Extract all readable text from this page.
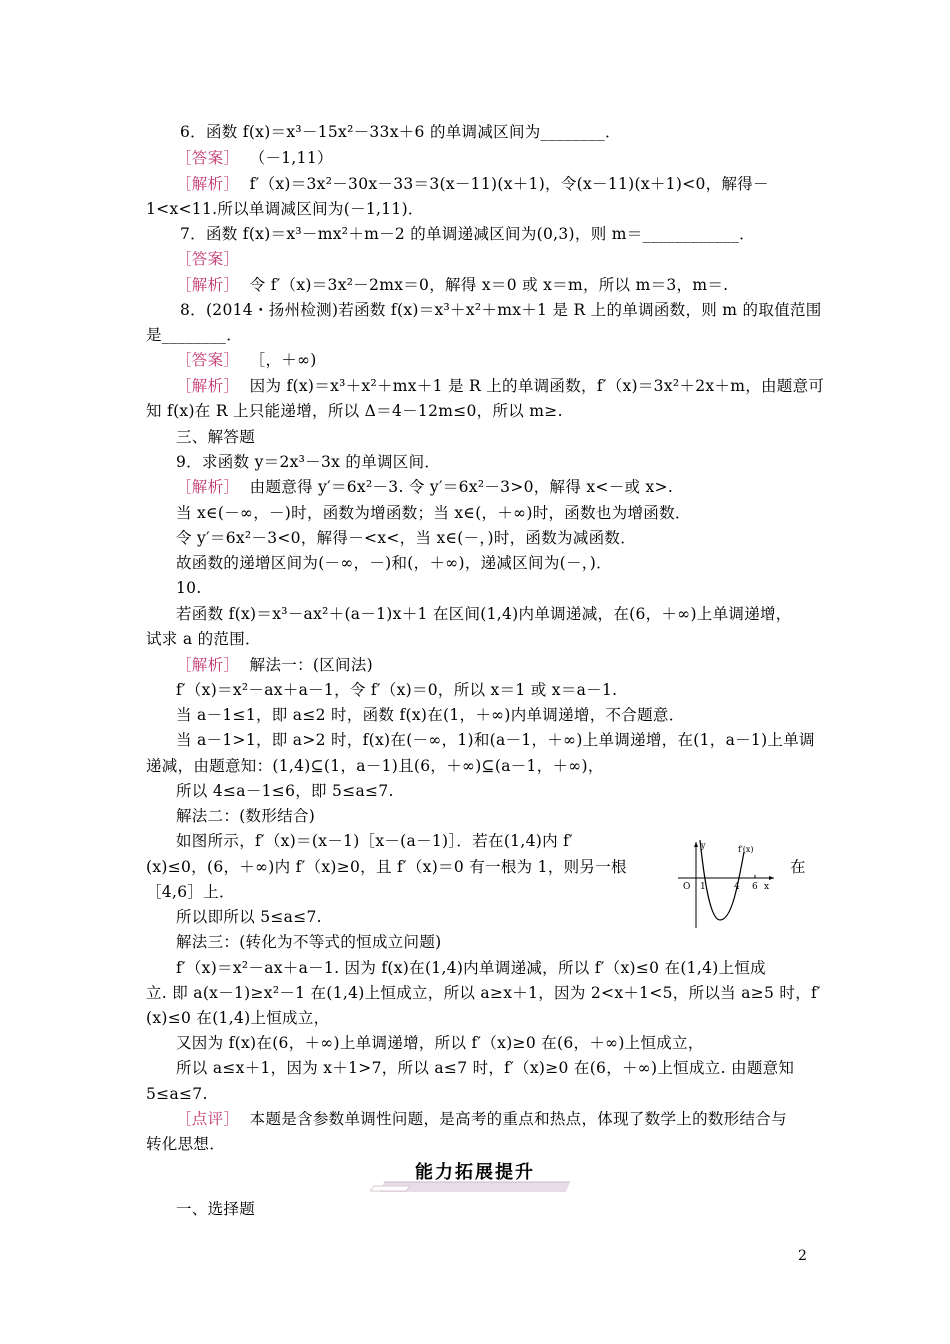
6．函数 f(x)＝x³－15x²－33x＋6 的单调减区间为________．
［答案］ （－1,11）
［解析］ f′（x)＝3x²－30x－33＝3(x－11)(x＋1)，令(x－11)(x＋1)<0，解得－
1<x<11.所以单调减区间为(－1,11)．
7．函数 f(x)＝x³－mx²＋m－2 的单调递减区间为(0,3)，则 m＝____________．
［答案］
［解析］ 令 f′（x)＝3x²－2mx＝0，解得 x＝0 或 x＝m，所以 m＝3，m＝.
8．(2014・扬州检测)若函数 f(x)＝x³＋x²＋mx＋1 是 R 上的单调函数，则 m 的取值范围
是________．
［答案］ ［，＋∞)
［解析］ 因为 f(x)＝x³＋x²＋mx＋1 是 R 上的单调函数，f′（x)＝3x²＋2x＋m，由题意可
知 f(x)在 R 上只能递增，所以 Δ＝4－12m≤0，所以 m≥.
三、解答题
9．求函数 y＝2x³－3x 的单调区间．
［解析］ 由题意得 y′＝6x²－3. 令 y′＝6x²－3>0，解得 x<－或 x>.
当 x∈(－∞，－)时，函数为增函数；当 x∈(，＋∞)时，函数也为增函数．
令 y′＝6x²－3<0，解得－<x<，当 x∈(－，)时，函数为减函数．
故函数的递增区间为(－∞，－)和(，＋∞)，递减区间为(－，)．
10.
若函数 f(x)＝x³－ax²＋(a－1)x＋1 在区间(1,4)内单调递减，在(6，＋∞)上单调递增，
试求 a 的范围．
［解析］ 解法一：(区间法)
f′（x)＝x²－ax＋a－1，令 f′（x)＝0，所以 x＝1 或 x＝a－1.
当 a－1≤1，即 a≤2 时，函数 f(x)在(1，＋∞)内单调递增，不合题意．
当 a－1>1，即 a>2 时，f(x)在(－∞，1)和(a－1，＋∞)上单调递增，在(1，a－1)上单调
递减，由题意知：(1,4)⊆(1，a－1)且(6，＋∞)⊆(a－1，＋∞)，
所以 4≤a－1≤6，即 5≤a≤7.
解法二：(数形结合)
如图所示，f′（x)＝(x－1)［x－(a－1)］．若在(1,4)内 f′
(x)≤0，(6，＋∞)内 f′（x)≥0，且 f′（x)＝0 有一根为 1，则另一根	在
［4,6］上．
所以即所以 5≤a≤7.
解法三：(转化为不等式的恒成立问题)
f′（x)＝x²－ax＋a－1. 因为 f(x)在(1,4)内单调递减，所以 f′（x)≤0 在(1,4)上恒成
立. 即 a(x－1)≥x²－1 在(1,4)上恒成立，所以 a≥x＋1，因为 2<x＋1<5，所以当 a≥5 时，f′
(x)≤0 在(1,4)上恒成立，
又因为 f(x)在(6，＋∞)上单调递增，所以 f′（x)≥0 在(6，＋∞)上恒成立，
所以 a≤x＋1，因为 x＋1>7，所以 a≤7 时，f′（x)≥0 在(6，＋∞)上恒成立. 由题意知
5≤a≤7.
［点评］ 本题是含参数单调性问题，是高考的重点和热点，体现了数学上的数形结合与
转化思想．
一、选择题
y	f′(x)
O 1	4 6 x
能力拓展提升
2
